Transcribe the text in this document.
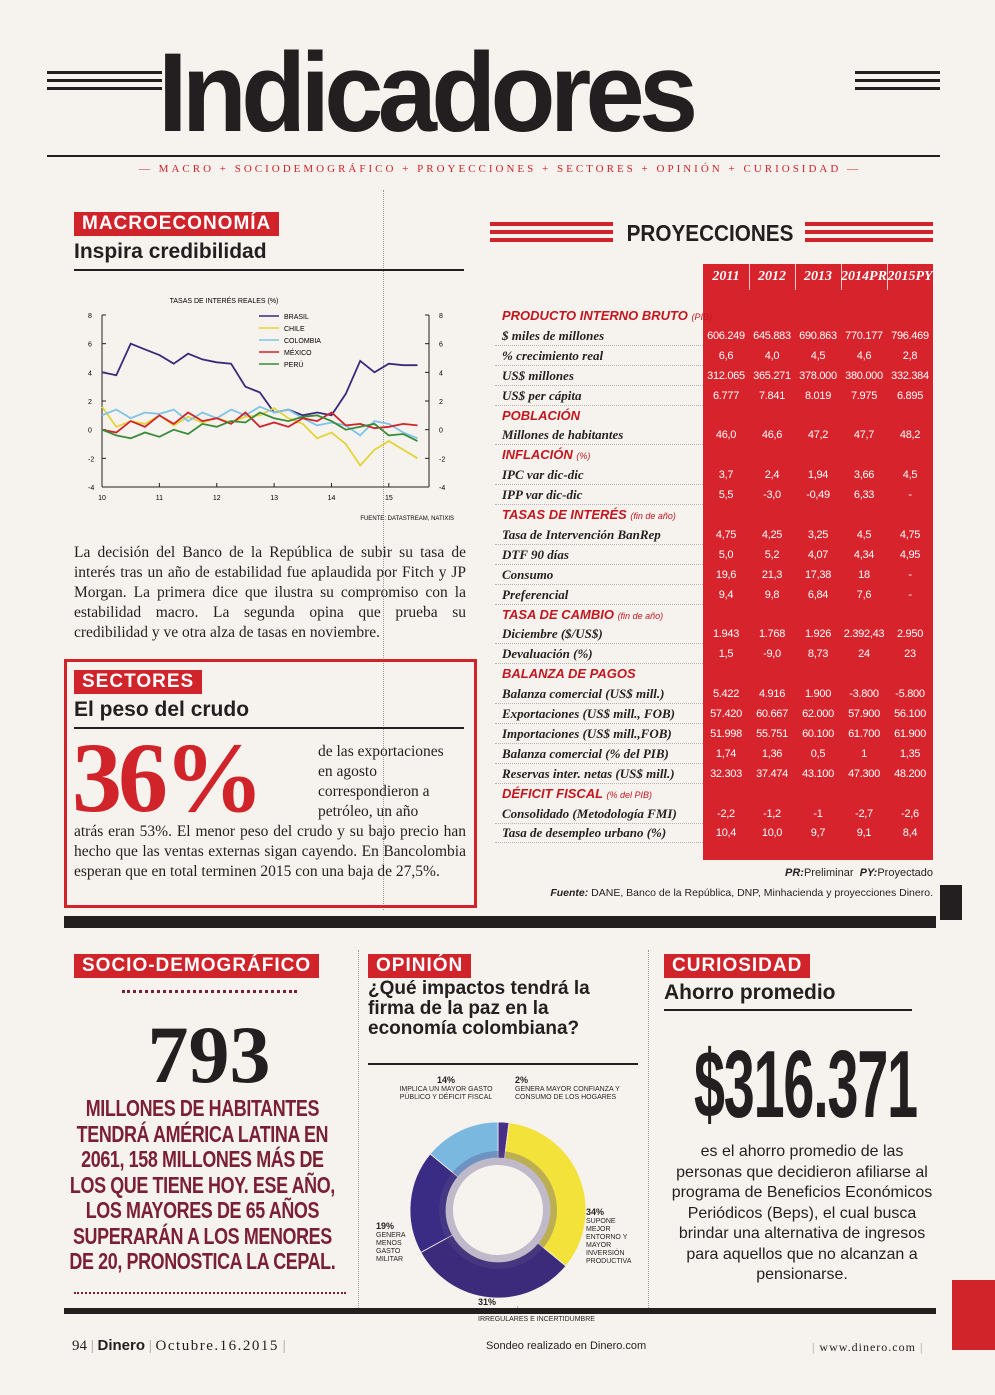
Indicadores
— MACRO + SOCIODEMOGRÁFICO + PROYECCIONES + SECTORES + OPINIÓN + CURIOSIDAD —
MACROECONOMÍA
Inspira credibilidad
TASAS DE INTERÉS REALES (%)
8	8
6	6
4	4
2	2
0	0
-2	-2
-4	-4
10	11	12	13	14	15
BRASIL
CHILE
COLOMBIA
MÉXICO
PERÚ
FUENTE: DATASTREAM, NATIXIS
La decisión del Banco de la República de subir su tasa de interés tras un año de estabilidad fue aplaudida por Fitch y JP Morgan. La primera dice que ilustra su compromiso con la estabilidad macro. La segunda opina que prueba su credibilidad y ve otra alza de tasas en noviembre.
SECTORES
El peso del crudo
36%	de las exportaciones en agosto correspondieron a petróleo, un año
atrás eran 53%. El menor peso del crudo y su bajo precio han hecho que las ventas externas sigan cayendo. En Bancolombia esperan que en total terminen 2015 con una baja de 27,5%.
PROYECCIONES
2011	2012	2013 2014PR 2015PY
PRODUCTO INTERNO BRUTO (PIB)
$ miles de millones	606.249 645.883 690.863 770.177 796.469
% crecimiento real	6,6	4,0	4,5	4,6	2,8
US$ millones	312.065 365.271 378.000 380.000 332.384
US$ per cápita	6.777	7.841	8.019	7.975	6.895
POBLACIÓN
Millones de habitantes	46,0	46,6	47,2	47,7	48,2
INFLACIÓN (%)
IPC var dic-dic	3,7	2,4	1,94	3,66	4,5
IPP var dic-dic	5,5	-3,0	-0,49	6,33	-
TASAS DE INTERÉS (fin de año)
Tasa de Intervención BanRep	4,75	4,25	3,25	4,5	4,75
DTF 90 días	5,0	5,2	4,07	4,34	4,95
Consumo	19,6	21,3	17,38	18	-
Preferencial	9,4	9,8	6,84	7,6	-
TASA DE CAMBIO (fin de año)
Diciembre ($/US$)	1.943	1.768	1.926	2.392,43	2.950
Devaluación (%)	1,5	-9,0	8,73	24	23
BALANZA DE PAGOS
Balanza comercial (US$ mill.)	5.422	4.916	1.900	-3.800	-5.800
Exportaciones (US$ mill., FOB)	57.420	60.667	62.000	57.900	56.100
Importaciones (US$ mill.,FOB)	51.998	55.751	60.100	61.700	61.900
Balanza comercial (% del PIB)	1,74	1,36	0,5	1	1,35
Reservas inter. netas (US$ mill.)	32.303	37.474	43.100	47.300	48.200
DÉFICIT FISCAL (% del PIB)
Consolidado (Metodología FMI)	-2,2	-1,2	-1	-2,7	-2,6
Tasa de desempleo urbano (%)	10,4	10,0	9,7	9,1	8,4
PR:Preliminar PY:Proyectado
Fuente: DANE, Banco de la República, DNP, Minhacienda y proyecciones Dinero.
SOCIO-DEMOGRÁFICO
793
MILLONES DE HABITANTES
TENDRÁ AMÉRICA LATINA EN
2061, 158 MILLONES MÁS DE
LOS QUE TIENE HOY. ESE AÑO,
LOS MAYORES DE 65 AÑOS
SUPERARÁN A LOS MENORES
DE 20, PRONOSTICA LA CEPAL.
OPINIÓN
¿Qué impactos tendrá la firma de la paz en la economía colombiana?
14%
IMPLICA UN MAYOR GASTO PÚBLICO Y DÉFICIT FISCAL
2%
GENERA MAYOR CONFIANZA Y CONSUMO DE LOS HOGARES
34%
SUPONE MEJOR ENTORNO Y MAYOR INVERSIÓN PRODUCTIVA
19%
GENERA MENOS GASTO MILITAR
31%
IRREGULARES E INCERTIDUMBRE
Sondeo realizado en Dinero.com
CURIOSIDAD
Ahorro promedio
$316.371
es el ahorro promedio de las personas que decidieron afiliarse al programa de Beneficios Económicos Periódicos (Beps), el cual busca brindar una alternativa de ingresos para aquellos que no alcanzan a pensionarse.
94 | Dinero | Octubre.16.2015 |	| www.dinero.com |
